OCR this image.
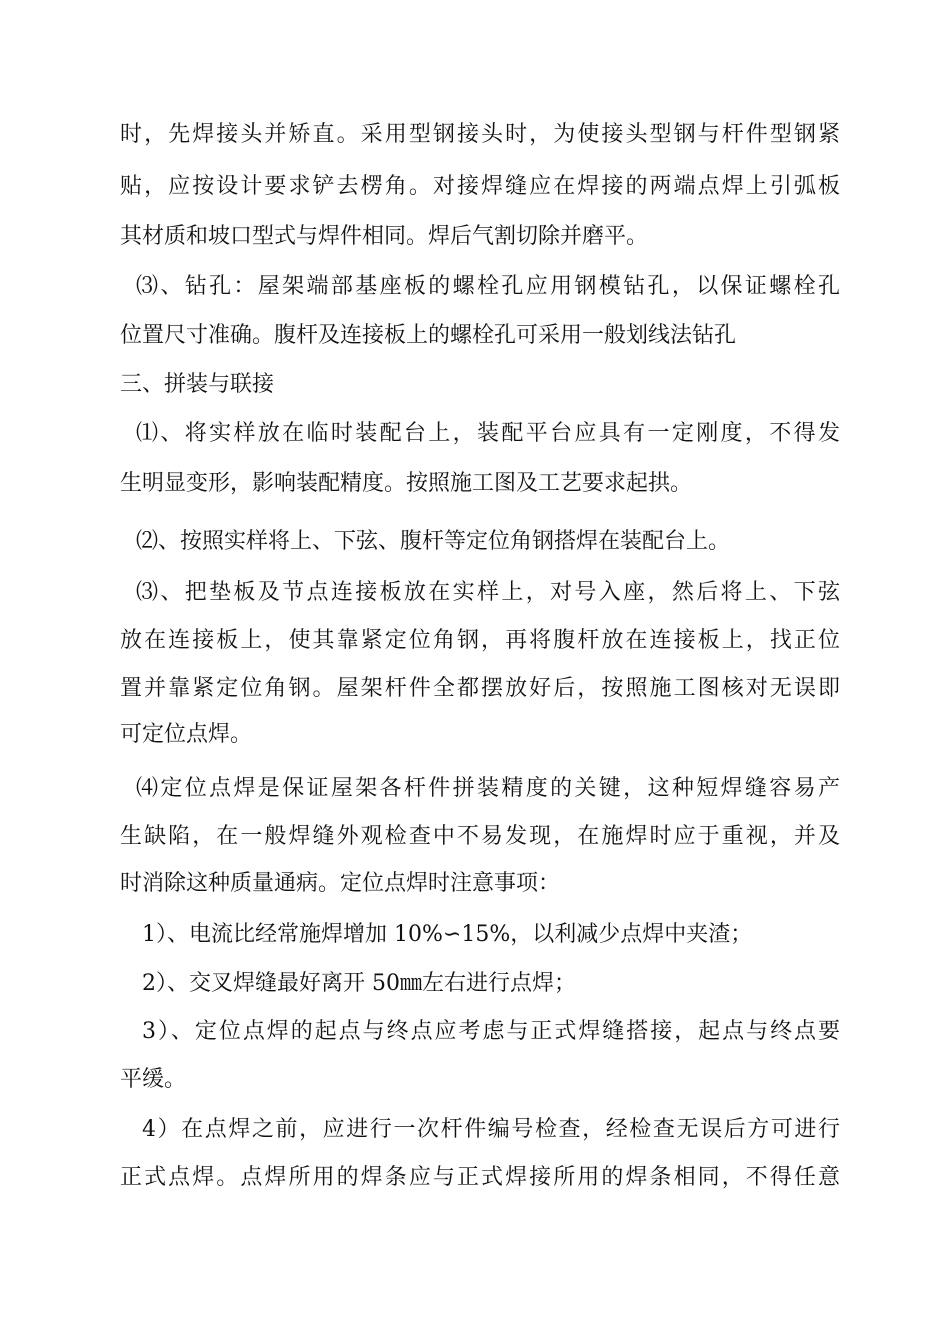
时，先焊接头并矫直。采用型钢接头时，为使接头型钢与杆件型钢紧
贴，应按设计要求铲去楞角。对接焊缝应在焊接的两端点焊上引弧板
其材质和坡口型式与焊件相同。焊后气割切除并磨平。
⑶、钻孔：屋架端部基座板的螺栓孔应用钢模钻孔，以保证螺栓孔
位置尺寸准确。腹杆及连接板上的螺栓孔可采用一般划线法钻孔
三、拼装与联接
⑴、将实样放在临时装配台上，装配平台应具有一定刚度，不得发
生明显变形，影响装配精度。按照施工图及工艺要求起拱。
⑵、按照实样将上、下弦、腹杆等定位角钢搭焊在装配台上。
⑶、把垫板及节点连接板放在实样上，对号入座，然后将上、下弦
放在连接板上，使其靠紧定位角钢，再将腹杆放在连接板上，找正位
置并靠紧定位角钢。屋架杆件全都摆放好后，按照施工图核对无误即
可定位点焊。
⑷定位点焊是保证屋架各杆件拼装精度的关键，这种短焊缝容易产
生缺陷，在一般焊缝外观检查中不易发现，在施焊时应于重视，并及
时消除这种质量通病。定位点焊时注意事项：
1）、电流比经常施焊增加 10%∽15%，以利减少点焊中夹渣；
2）、交叉焊缝最好离开 50㎜左右进行点焊；
3）、定位点焊的起点与终点应考虑与正式焊缝搭接，起点与终点要
平缓。
4）在点焊之前，应进行一次杆件编号检查，经检查无误后方可进行
正式点焊。点焊所用的焊条应与正式焊接所用的焊条相同，不得任意
